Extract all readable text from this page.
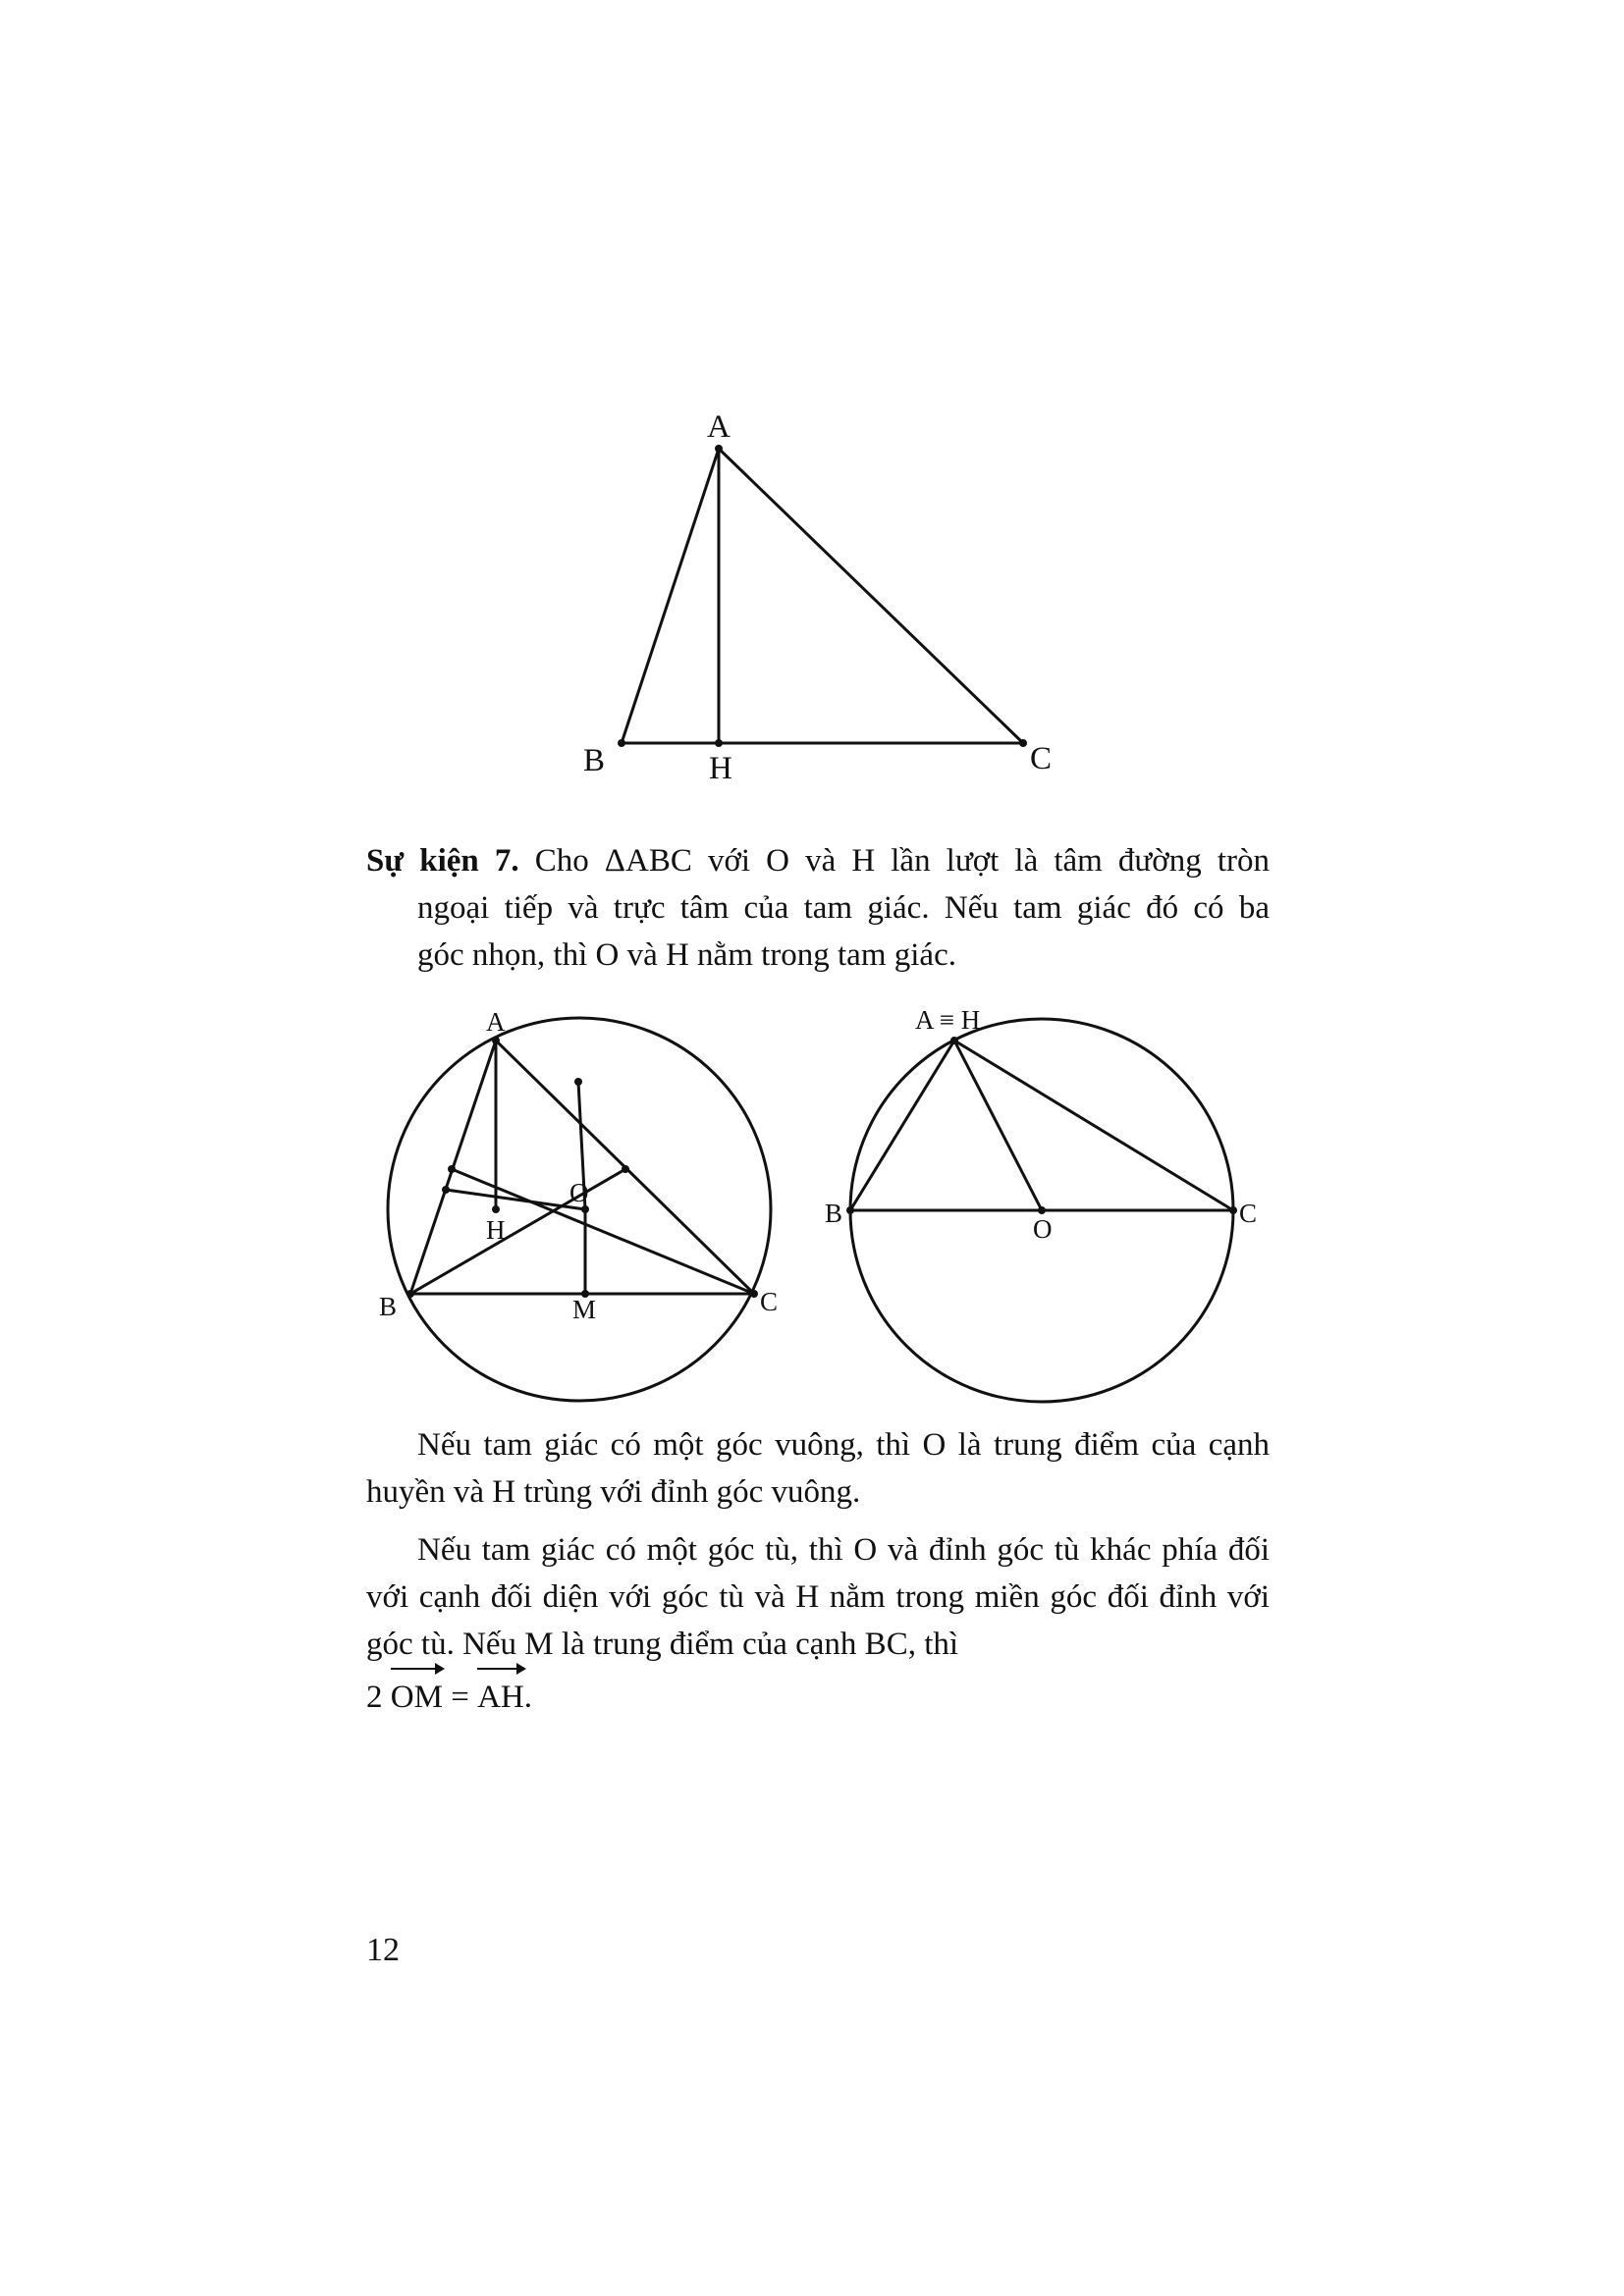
A
B	H	C
A
B	C
O
H
M
A ≡ H
B	C
O
Sự kiện 7. Cho ΔABC với O và H lần lượt là tâm đường tròn
ngoại tiếp và trực tâm của tam giác. Nếu tam giác đó có ba
góc nhọn, thì O và H nằm trong tam giác.

Nếu tam giác có một góc vuông, thì O là trung điểm của cạnh huyền và H trùng với đỉnh góc vuông.

Nếu tam giác có một góc tù, thì O và đỉnh góc tù khác phía đối với cạnh đối diện với góc tù và H nằm trong miền góc đối đỉnh với góc tù. Nếu M là trung điểm của cạnh BC, thì
2 OM = AH.
12
